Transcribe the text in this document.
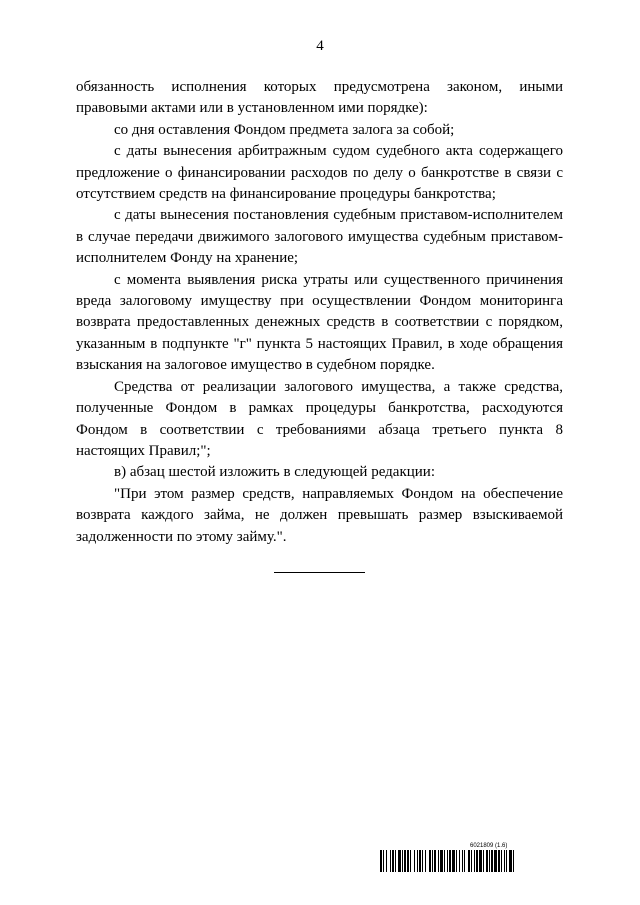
4

обязанность исполнения которых предусмотрена законом, иными правовыми актами или в установленном ими порядке):

со дня оставления Фондом предмета залога за собой;

с даты вынесения арбитражным судом судебного акта содержащего предложение о финансировании расходов по делу о банкротстве в связи с отсутствием средств на финансирование процедуры банкротства;

с даты вынесения постановления судебным приставом-исполнителем в случае передачи движимого залогового имущества судебным приставом-исполнителем Фонду на хранение;

с момента выявления риска утраты или существенного причинения вреда залоговому имуществу при осуществлении Фондом мониторинга возврата предоставленных денежных средств в соответствии с порядком, указанным в подпункте "г" пункта 5 настоящих Правил, в ходе обращения взыскания на залоговое имущество в судебном порядке.

Средства от реализации залогового имущества, а также средства, полученные Фондом в рамках процедуры банкротства, расходуются Фондом в соответствии с требованиями абзаца третьего пункта 8 настоящих Правил;";

в) абзац шестой изложить в следующей редакции:

"При этом размер средств, направляемых Фондом на обеспечение возврата каждого займа, не должен превышать размер взыскиваемой задолженности по этому займу.".

6021809 (1.6)
